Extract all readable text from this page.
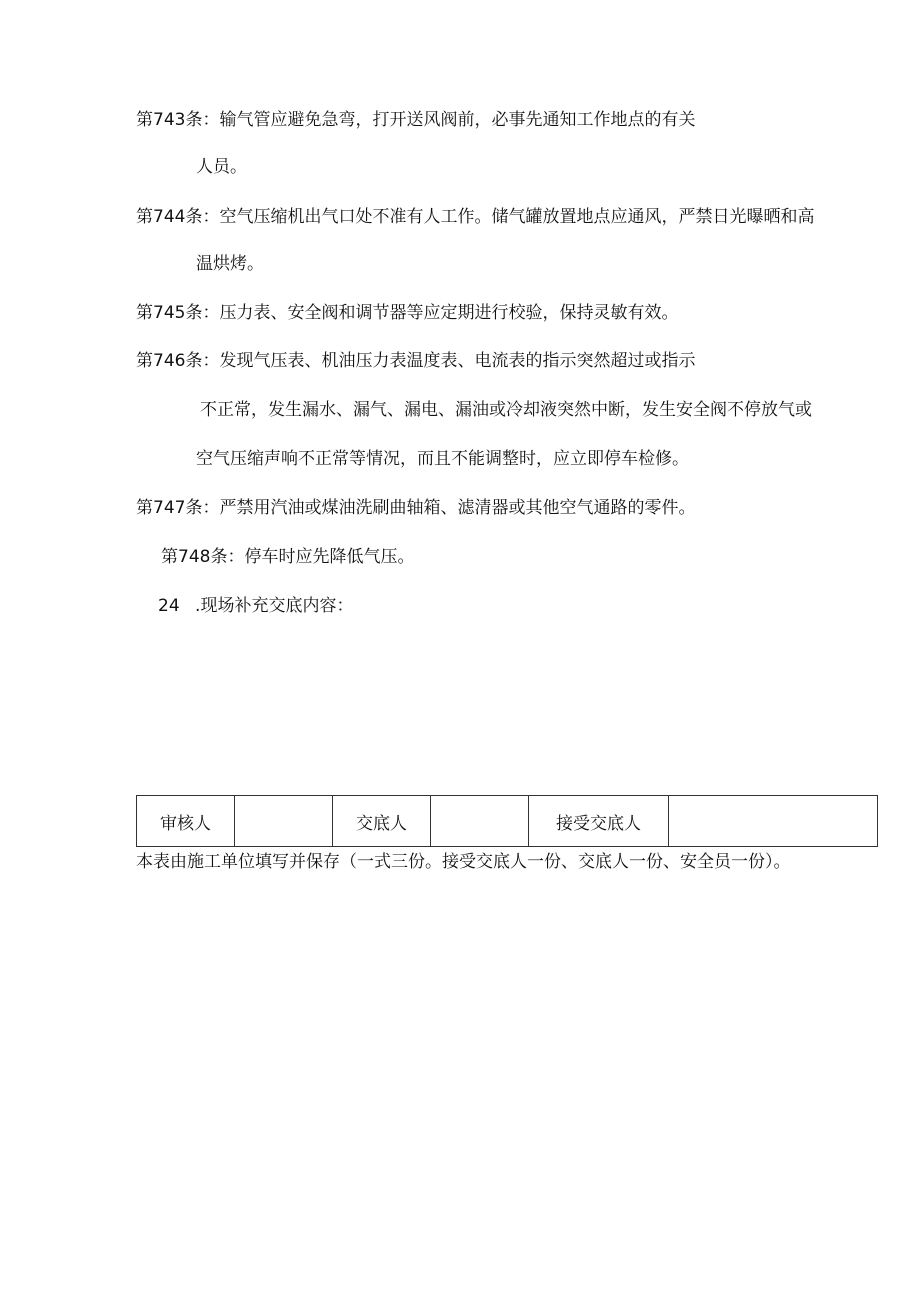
第743条：输气管应避免急弯，打开送风阀前，必事先通知工作地点的有关
人员。
第744条：空气压缩机出气口处不准有人工作。储气罐放置地点应通风，严禁日光曝晒和高
温烘烤。
第745条：压力表、安全阀和调节器等应定期进行校验，保持灵敏有效。
第746条：发现气压表、机油压力表温度表、电流表的指示突然超过或指示
不正常，发生漏水、漏气、漏电、漏油或冷却液突然中断，发生安全阀不停放气或
空气压缩声响不正常等情况，而且不能调整时，应立即停车检修。
第747条：严禁用汽油或煤油洗刷曲轴箱、滤清器或其他空气通路的零件。
第748条：停车时应先降低气压。
24 .现场补充交底内容：
审核人		交底人		接受交底人	
本表由施工单位填写并保存（一式三份。接受交底人一份、交底人一份、安全员一份）。
